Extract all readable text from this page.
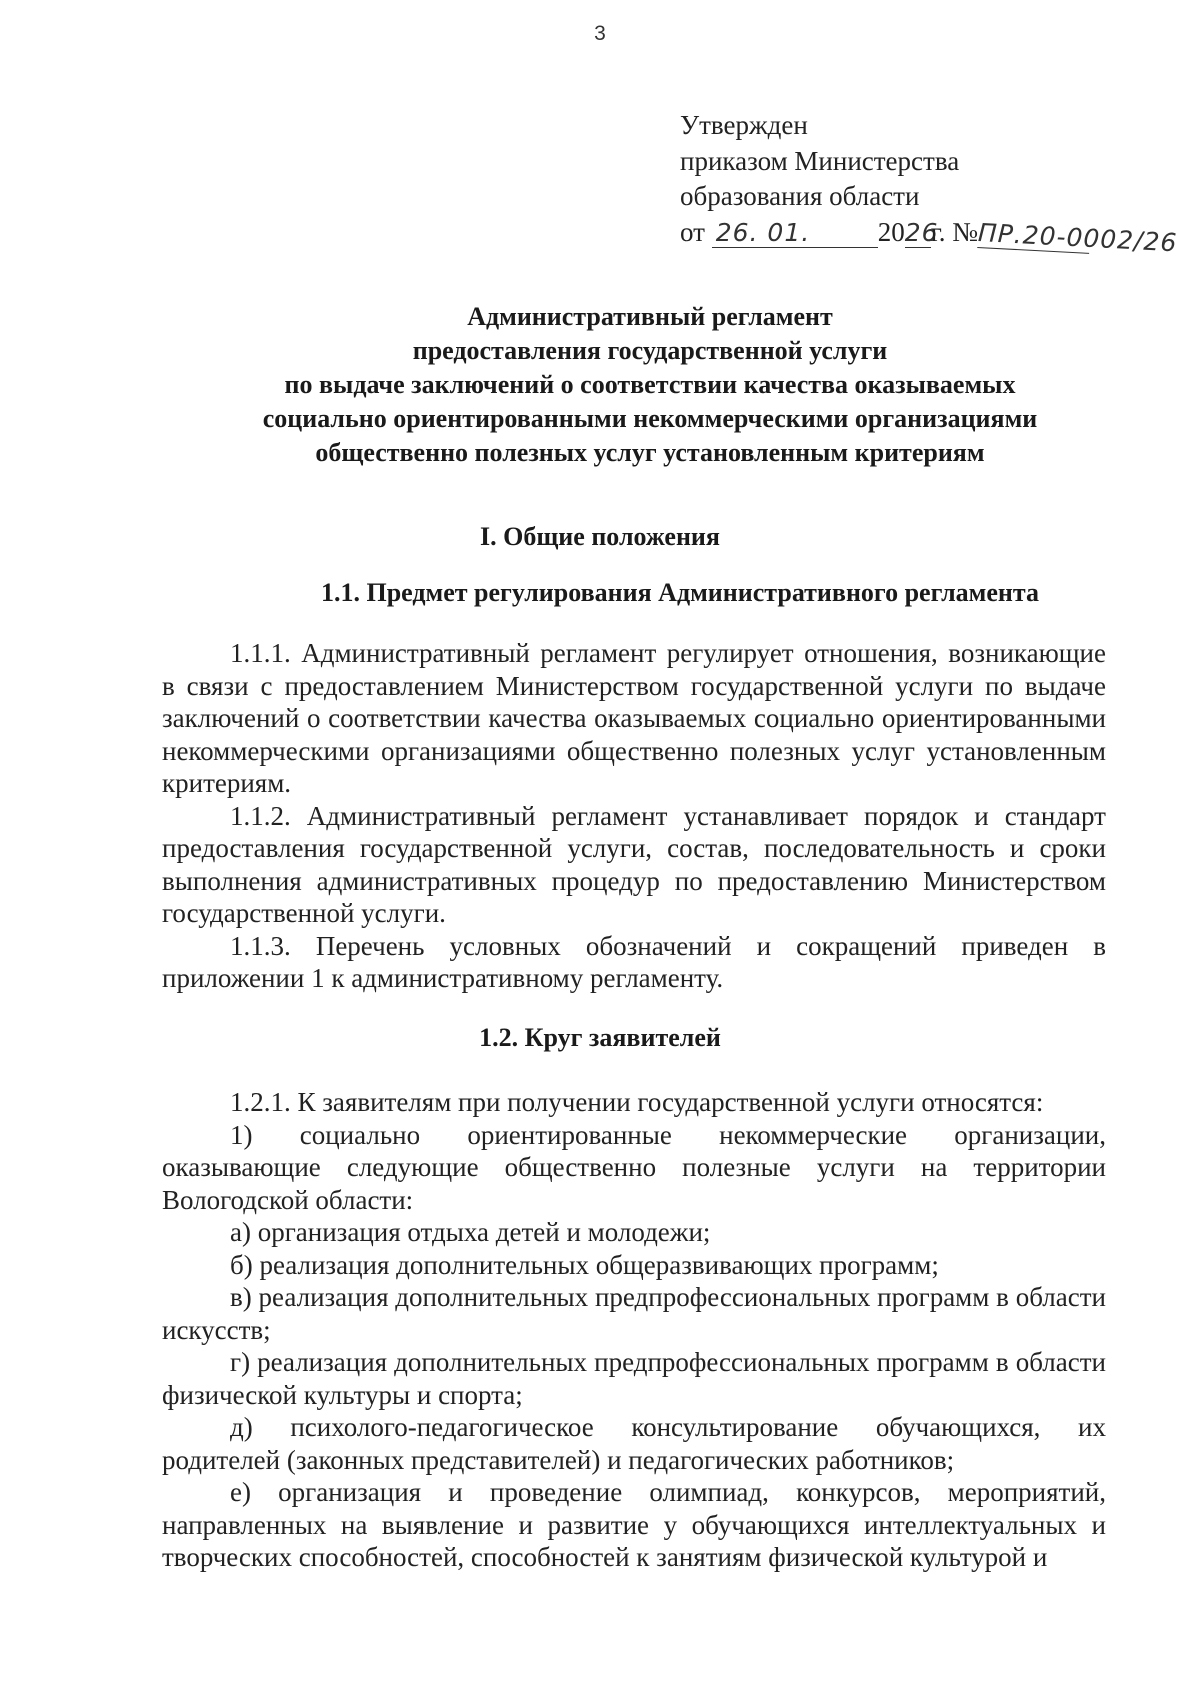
3
Утвержден
приказом Министерства
образования области
от 26. 01.	2026г. №ПР.20-0002/26
Административный регламент
предоставления государственной услуги
по выдаче заключений о соответствии качества оказываемых
социально ориентированными некоммерческими организациями
общественно полезных услуг установленным критериям
I. Общие положения
1.1. Предмет регулирования Административного регламента

1.1.1. Административный регламент регулирует отношения, возникающие в связи с предоставлением Министерством государственной услуги по выдаче заключений о соответствии качества оказываемых социально ориентированными некоммерческими организациями общественно полезных услуг установленным критериям.

1.1.2. Административный регламент устанавливает порядок и стандарт предоставления государственной услуги, состав, последовательность и сроки выполнения административных процедур по предоставлению Министерством государственной услуги.

1.1.3. Перечень условных обозначений и сокращений приведен в приложении 1 к административному регламенту.

1.2. Круг заявителей

1.2.1. К заявителям при получении государственной услуги относятся:

1) социально ориентированные некоммерческие организации, оказывающие следующие общественно полезные услуги на территории Вологодской области:

а) организация отдыха детей и молодежи;

б) реализация дополнительных общеразвивающих программ;

в) реализация дополнительных предпрофессиональных программ в области искусств;

г) реализация дополнительных предпрофессиональных программ в области физической культуры и спорта;

д) психолого-педагогическое консультирование обучающихся, их родителей (законных представителей) и педагогических работников;

е) организация и проведение олимпиад, конкурсов, мероприятий, направленных на выявление и развитие у обучающихся интеллектуальных и творческих способностей, способностей к занятиям физической культурой и
